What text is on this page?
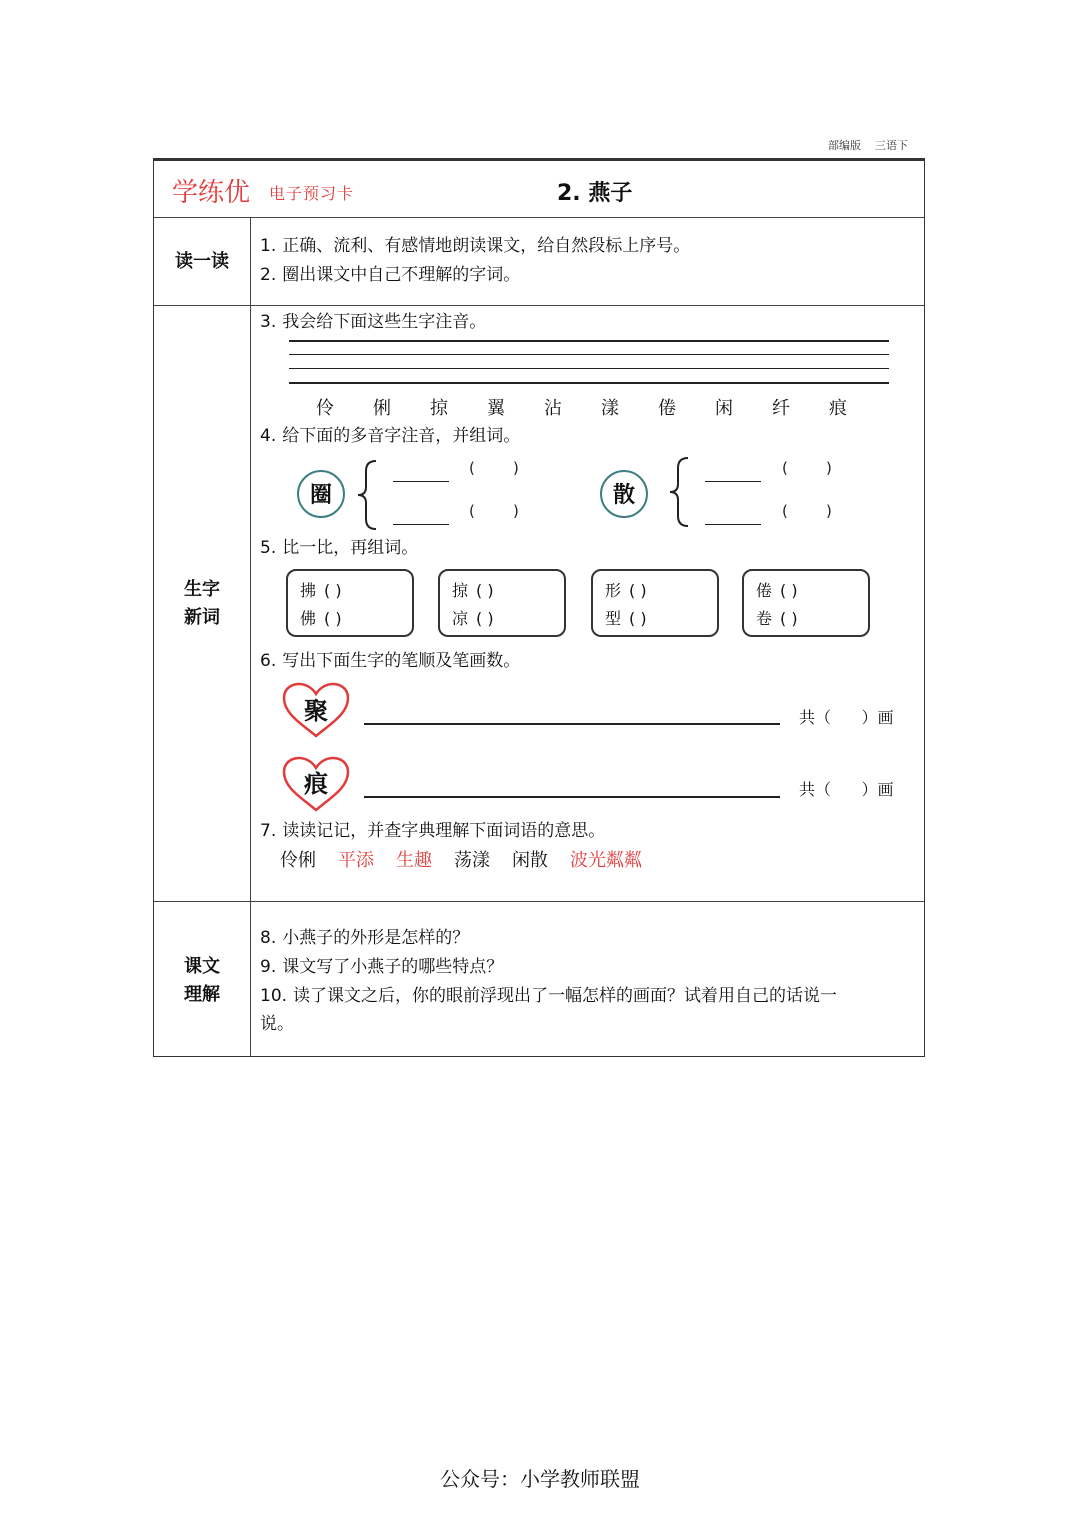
部编版 三语下
学练优 电子预习卡	2. 燕子
读一读
1. 正确、流利、有感情地朗读课文，给自然段标上序号。
2. 圈出课文中自己不理解的字词。
生字
新词
3. 我会给下面这些生字注音。
伶 俐 掠 翼 沾 漾 倦 闲 纤 痕
4. 给下面的多音字注音，并组词。
圈
(        )
(        )
散
(        )
(        )
5. 比一比，再组词。
拂 ( )
佛 ( )
掠 ( )
凉 ( )
形 ( )
型 ( )
倦 ( )
卷 ( )
6. 写出下面生字的笔顺及笔画数。
聚	共（      ）画
痕	共（      ）画
7. 读读记记，并查字典理解下面词语的意思。
伶俐 平添 生趣 荡漾 闲散 波光粼粼
课文
理解
8. 小燕子的外形是怎样的？
9. 课文写了小燕子的哪些特点？
10. 读了课文之后，你的眼前浮现出了一幅怎样的画面？试着用自己的话说一
说。
公众号：小学教师联盟
